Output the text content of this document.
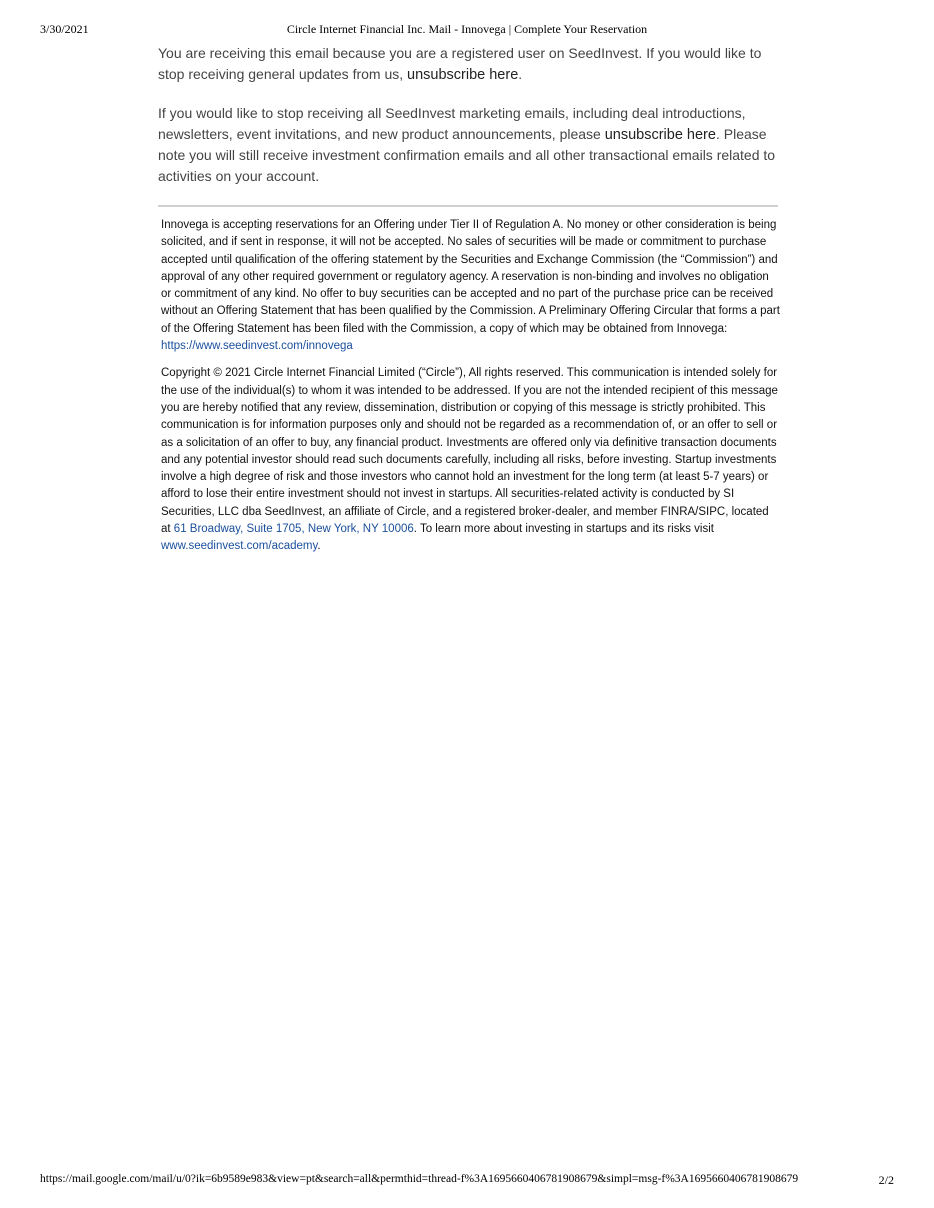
3/30/2021	Circle Internet Financial Inc. Mail - Innovega | Complete Your Reservation

You are receiving this email because you are a registered user on SeedInvest. If you would like to stop receiving general updates from us, unsubscribe here.

If you would like to stop receiving all SeedInvest marketing emails, including deal introductions, newsletters, event invitations, and new product announcements, please unsubscribe here. Please note you will still receive investment confirmation emails and all other transactional emails related to activities on your account.

Innovega is accepting reservations for an Offering under Tier II of Regulation A. No money or other consideration is being solicited, and if sent in response, it will not be accepted. No sales of securities will be made or commitment to purchase accepted until qualification of the offering statement by the Securities and Exchange Commission (the “Commission”) and approval of any other required government or regulatory agency. A reservation is non-binding and involves no obligation or commitment of any kind. No offer to buy securities can be accepted and no part of the purchase price can be received without an Offering Statement that has been qualified by the Commission. A Preliminary Offering Circular that forms a part of the Offering Statement has been filed with the Commission, a copy of which may be obtained from Innovega: https://www.seedinvest.com/innovega

Copyright © 2021 Circle Internet Financial Limited (“Circle”), All rights reserved. This communication is intended solely for the use of the individual(s) to whom it was intended to be addressed. If you are not the intended recipient of this message you are hereby notified that any review, dissemination, distribution or copying of this message is strictly prohibited. This communication is for information purposes only and should not be regarded as a recommendation of, or an offer to sell or as a solicitation of an offer to buy, any financial product. Investments are offered only via definitive transaction documents and any potential investor should read such documents carefully, including all risks, before investing. Startup investments involve a high degree of risk and those investors who cannot hold an investment for the long term (at least 5-7 years) or afford to lose their entire investment should not invest in startups. All securities-related activity is conducted by SI Securities, LLC dba SeedInvest, an affiliate of Circle, and a registered broker-dealer, and member FINRA/SIPC, located at 61 Broadway, Suite 1705, New York, NY 10006. To learn more about investing in startups and its risks visit www.seedinvest.com/academy.

https://mail.google.com/mail/u/0?ik=6b9589e983&view=pt&search=all&permthid=thread-f%3A1695660406781908679&simpl=msg-f%3A1695660406781908679	2/2
